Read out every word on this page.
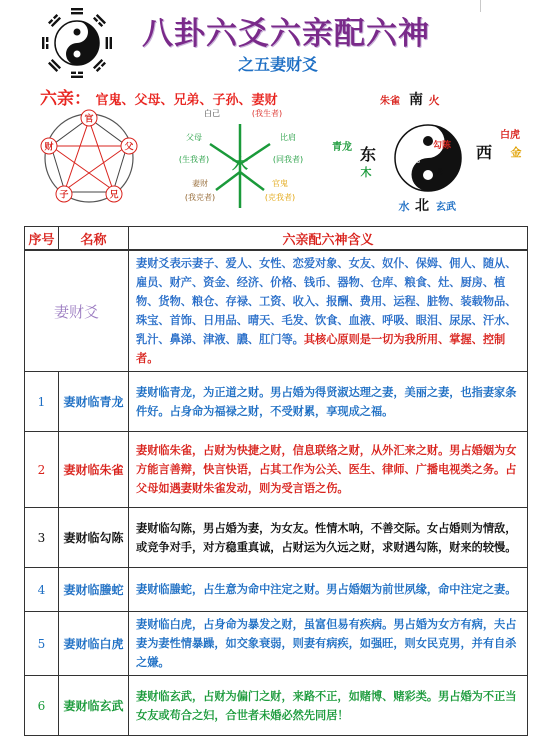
八卦六爻六亲配六神
之五妻财爻
六亲： 官鬼、父母、兄弟、子孙、妻财
官
父
兄
子
财
白己	(我生者)
父母
(生我者)
比肩
(同我者)
妻财
(我克者)
官鬼
(克我者)
木
朱雀 南 火
青龙 东
木
勾陈
螣蛇
月
西
白虎
金
水 北 玄武
序号	名称	六亲配六神含义
妻财爻		妻财爻表示妻子、爱人、女性、恋爱对象、女友、奴仆、保姆、佣人、随从、雇员、财产、资金、经济、价格、钱币、器物、仓库、粮食、灶、厨房、植物、货物、粮仓、存禄、工资、收入、报酬、费用、运程、脏物、装载物品、珠宝、首饰、日用品、晴天、毛发、饮食、血液、呼吸、眼泪、尿尿、汗水、乳汁、鼻涕、津液、膿、肛门等。其核心原则是一切为我所用、掌握、控制者。
1	妻财临青龙	妻财临青龙，为正道之财。男占婚为得贤淑达理之妻，美丽之妻，也指妻家条件好。占身命为福禄之财，不受财累，享现成之福。
2	妻财临朱雀	妻财临朱雀，占财为快捷之财，信息联络之财，从外汇来之财。男占婚姻为女方能言善辩，快言快语，占其工作为公关、医生、律师、广播电视类之务。占父母如遇妻财朱雀发动，则为受言语之伤。
3	妻财临勾陈	妻财临勾陈，男占婚为妻，为女友。性情木呐，不善交际。女占婚则为情敌，或竞争对手，对方稳重真诚，占财运为久远之财，求财遇勾陈，财来的较慢。
4	妻财临螣蛇	妻财临螣蛇，占生意为命中注定之财。男占婚姻为前世夙缘，命中注定之妻。
5	妻财临白虎	妻财临白虎，占身命为暴发之财，虽富但易有疾病。男占婚为女方有病，夫占妻为妻性情暴躁，如交象衰弱，则妻有病疾，如强旺，则女民克男，并有自杀之嫌。
6	妻财临玄武	妻财临玄武，占财为偏门之财，来路不正，如赌博、赌彩类。男占婚为不正当女友或苟合之妇，合世者未婚必然先同居！
